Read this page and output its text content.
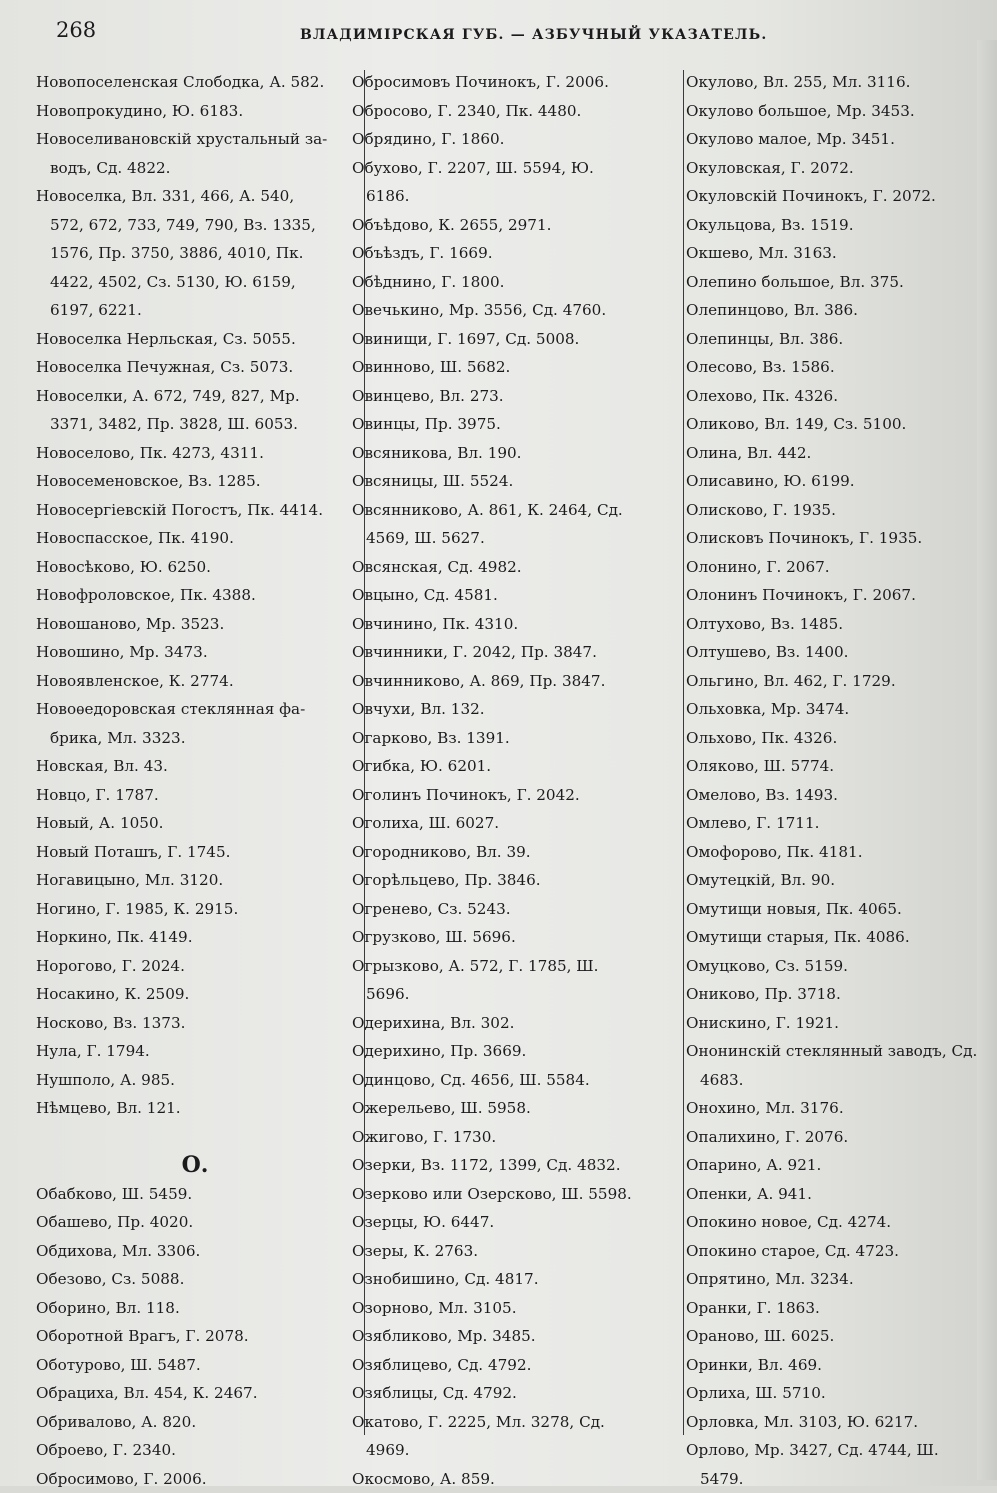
268	ВЛАДИМІРСКАЯ ГУБ. — АЗБУЧНЫЙ УКАЗАТЕЛЬ.
Новопоселенская Слободка, А. 582.
Новопрокудино, Ю. 6183.
Новоселивановскій хрустальный за-
водъ, Сд. 4822.
Новоселка, Вл. 331, 466, А. 540,
572, 672, 733, 749, 790, Вз. 1335,
1576, Пр. 3750, 3886, 4010, Пк.
4422, 4502, Сз. 5130, Ю. 6159,
6197, 6221.
Новоселка Нерльская, Сз. 5055.
Новоселка Печужная, Сз. 5073.
Новоселки, А. 672, 749, 827, Мр.
3371, 3482, Пр. 3828, Ш. 6053.
Новоселово, Пк. 4273, 4311.
Новосеменовское, Вз. 1285.
Новосергіевскій Погостъ, Пк. 4414.
Новоспасское, Пк. 4190.
Новосѣково, Ю. 6250.
Новофроловское, Пк. 4388.
Новошаново, Мр. 3523.
Новошино, Мр. 3473.
Новоявленское, К. 2774.
Новоѳедоровская стеклянная фа-
брика, Мл. 3323.
Новская, Вл. 43.
Новцо, Г. 1787.
Новый, А. 1050.
Новый Поташъ, Г. 1745.
Ногавицыно, Мл. 3120.
Ногино, Г. 1985, К. 2915.
Норкино, Пк. 4149.
Норогово, Г. 2024.
Носакино, К. 2509.
Носково, Вз. 1373.
Нула, Г. 1794.
Нушполо, А. 985.
Нѣмцево, Вл. 121.
О.
Обабково, Ш. 5459.
Обашево, Пр. 4020.
Обдихова, Мл. 3306.
Обезово, Сз. 5088.
Оборино, Вл. 118.
Оборотной Врагъ, Г. 2078.
Оботурово, Ш. 5487.
Обрациха, Вл. 454, К. 2467.
Обривалово, А. 820.
Оброево, Г. 2340.
Обросимово, Г. 2006.
Обросимовъ Починокъ, Г. 2006.
Обросово, Г. 2340, Пк. 4480.
Обрядино, Г. 1860.
Обухово, Г. 2207, Ш. 5594, Ю.
6186.
Объѣдово, К. 2655, 2971.
Объѣздъ, Г. 1669.
Обѣднино, Г. 1800.
Овечькино, Мр. 3556, Сд. 4760.
Овинищи, Г. 1697, Сд. 5008.
Овинново, Ш. 5682.
Овинцево, Вл. 273.
Овинцы, Пр. 3975.
Овсяникова, Вл. 190.
Овсяницы, Ш. 5524.
Овсянниково, А. 861, К. 2464, Сд.
4569, Ш. 5627.
Овсянская, Сд. 4982.
Овцыно, Сд. 4581.
Овчинино, Пк. 4310.
Овчинники, Г. 2042, Пр. 3847.
Овчинниково, А. 869, Пр. 3847.
Овчухи, Вл. 132.
Огарково, Вз. 1391.
Огибка, Ю. 6201.
Оголинъ Починокъ, Г. 2042.
Оголиха, Ш. 6027.
Огородниково, Вл. 39.
Огорѣльцево, Пр. 3846.
Огренево, Сз. 5243.
Огрузково, Ш. 5696.
Огрызково, А. 572, Г. 1785, Ш.
5696.
Одерихина, Вл. 302.
Одерихино, Пр. 3669.
Одинцово, Сд. 4656, Ш. 5584.
Ожерельево, Ш. 5958.
Ожигово, Г. 1730.
Озерки, Вз. 1172, 1399, Сд. 4832.
Озерково или Озерсково, Ш. 5598.
Озерцы, Ю. 6447.
Озеры, К. 2763.
Ознобишино, Сд. 4817.
Озорново, Мл. 3105.
Озябликово, Мр. 3485.
Озяблицево, Сд. 4792.
Озяблицы, Сд. 4792.
Окатово, Г. 2225, Мл. 3278, Сд.
4969.
Окосмово, А. 859.
Окулово, Вл. 255, Мл. 3116.
Окулово большое, Мр. 3453.
Окулово малое, Мр. 3451.
Окуловская, Г. 2072.
Окуловскій Починокъ, Г. 2072.
Окульцова, Вз. 1519.
Окшево, Мл. 3163.
Олепино большое, Вл. 375.
Олепинцово, Вл. 386.
Олепинцы, Вл. 386.
Олесово, Вз. 1586.
Олехово, Пк. 4326.
Оликово, Вл. 149, Сз. 5100.
Олина, Вл. 442.
Олисавино, Ю. 6199.
Олисково, Г. 1935.
Олисковъ Починокъ, Г. 1935.
Олонино, Г. 2067.
Олонинъ Починокъ, Г. 2067.
Олтухово, Вз. 1485.
Олтушево, Вз. 1400.
Ольгино, Вл. 462, Г. 1729.
Ольховка, Мр. 3474.
Ольхово, Пк. 4326.
Оляково, Ш. 5774.
Омелово, Вз. 1493.
Омлево, Г. 1711.
Омофорово, Пк. 4181.
Омутецкій, Вл. 90.
Омутищи новыя, Пк. 4065.
Омутищи старыя, Пк. 4086.
Омуцково, Сз. 5159.
Ониково, Пр. 3718.
Онискино, Г. 1921.
Ононинскій стеклянный заводъ, Сд.
4683.
Онохино, Мл. 3176.
Опалихино, Г. 2076.
Опарино, А. 921.
Опенки, А. 941.
Опокино новое, Сд. 4274.
Опокино старое, Сд. 4723.
Опрятино, Мл. 3234.
Оранки, Г. 1863.
Ораново, Ш. 6025.
Оринки, Вл. 469.
Орлиха, Ш. 5710.
Орловка, Мл. 3103, Ю. 6217.
Орлово, Мр. 3427, Сд. 4744, Ш.
5479.
